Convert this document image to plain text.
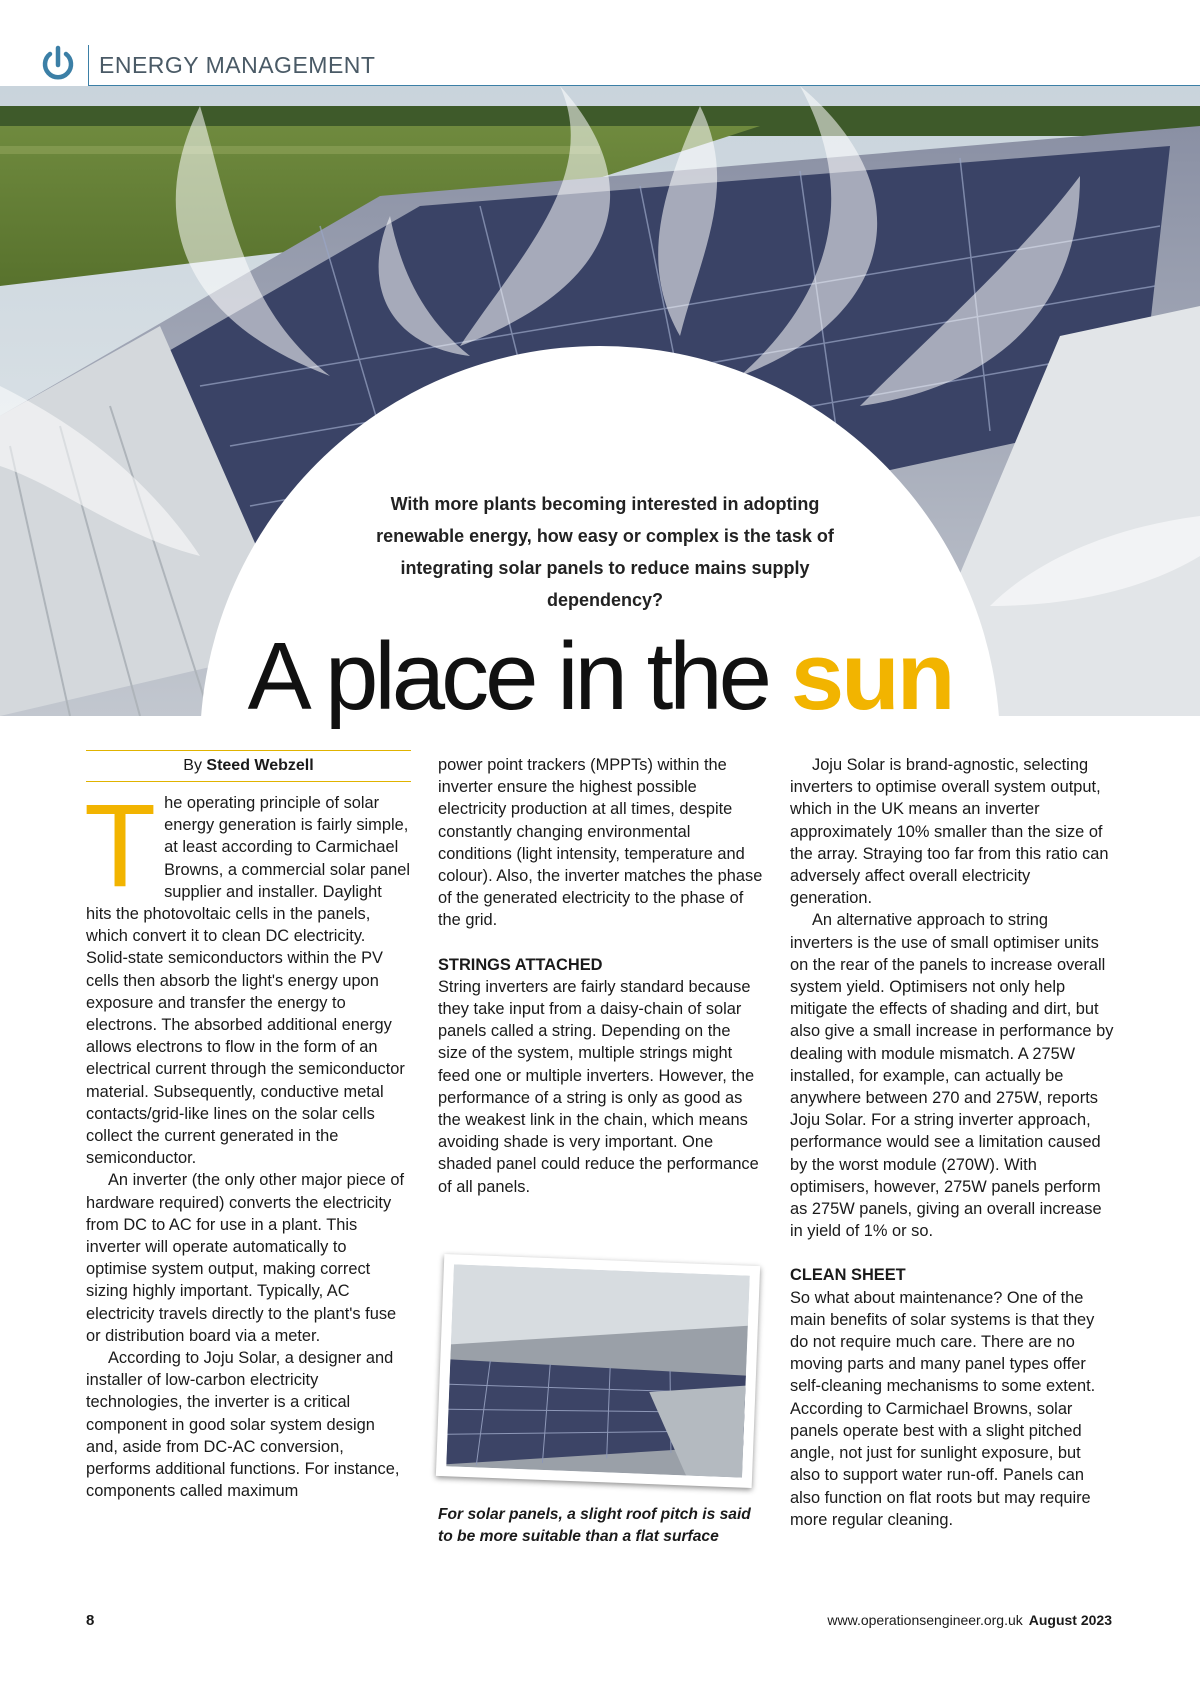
ENERGY MANAGEMENT
With more plants becoming interested in adopting renewable energy, how easy or complex is the task of integrating solar panels to reduce mains supply dependency?
A place in the sun
By Steed Webzell
T he operating principle of solar energy generation is fairly simple, at least according to Carmichael Browns, a commercial solar panel supplier and installer. Daylight hits the photovoltaic cells in the panels, which convert it to clean DC electricity. Solid-state semiconductors within the PV cells then absorb the light's energy upon exposure and transfer the energy to electrons. The absorbed additional energy allows electrons to flow in the form of an electrical current through the semiconductor material. Subsequently, conductive metal contacts/grid-like lines on the solar cells collect the current generated in the semiconductor.

An inverter (the only other major piece of hardware required) converts the electricity from DC to AC for use in a plant. This inverter will operate automatically to optimise system output, making correct sizing highly important. Typically, AC electricity travels directly to the plant's fuse or distribution board via a meter.

According to Joju Solar, a designer and installer of low-carbon electricity technologies, the inverter is a critical component in good solar system design and, aside from DC-AC conversion, performs additional functions. For instance, components called maximum

power point trackers (MPPTs) within the inverter ensure the highest possible electricity production at all times, despite constantly changing environmental conditions (light intensity, temperature and colour). Also, the inverter matches the phase of the generated electricity to the phase of the grid.

STRINGS ATTACHED

String inverters are fairly standard because they take input from a daisy-chain of solar panels called a string. Depending on the size of the system, multiple strings might feed one or multiple inverters. However, the performance of a string is only as good as the weakest link in the chain, which means avoiding shade is very important. One shaded panel could reduce the performance of all panels.

For solar panels, a slight roof pitch is said to be more suitable than a flat surface

Joju Solar is brand-agnostic, selecting inverters to optimise overall system output, which in the UK means an inverter approximately 10% smaller than the size of the array. Straying too far from this ratio can adversely affect overall electricity generation.

An alternative approach to string inverters is the use of small optimiser units on the rear of the panels to increase overall system yield. Optimisers not only help mitigate the effects of shading and dirt, but also give a small increase in performance by dealing with module mismatch. A 275W installed, for example, can actually be anywhere between 270 and 275W, reports Joju Solar. For a string inverter approach, performance would see a limitation caused by the worst module (270W). With optimisers, however, 275W panels perform as 275W panels, giving an overall increase in yield of 1% or so.

CLEAN SHEET

So what about maintenance? One of the main benefits of solar systems is that they do not require much care. There are no moving parts and many panel types offer self-cleaning mechanisms to some extent. According to Carmichael Browns, solar panels operate best with a slight pitched angle, not just for sunlight exposure, but also to support water run-off. Panels can also function on flat roots but may require more regular cleaning.

8	www.operationsengineer.org.uk August 2023
